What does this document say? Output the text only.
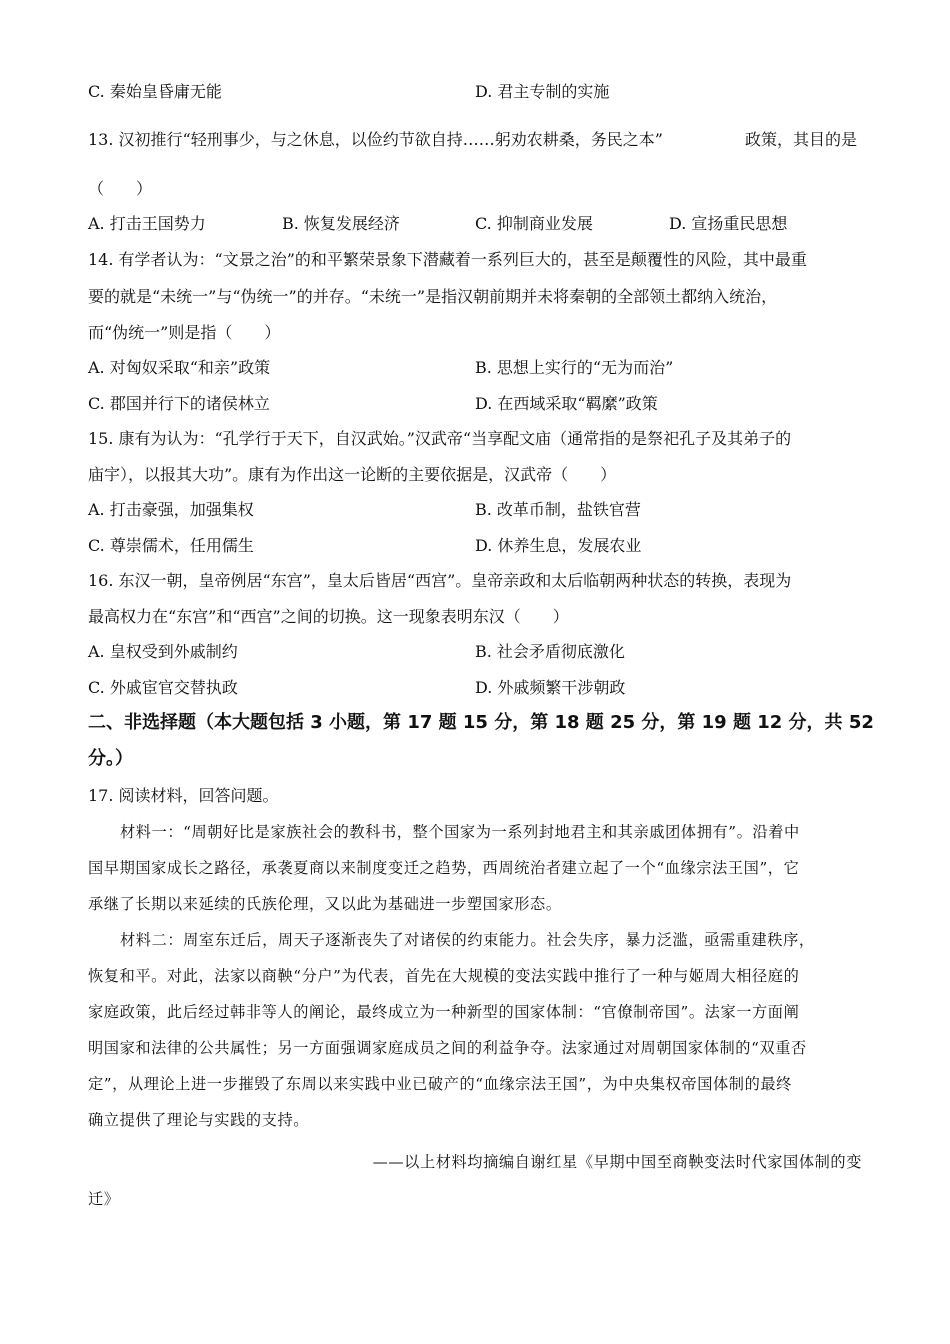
C. 秦始皇昏庸无能	D. 君主专制的实施
13. 汉初推行“轻刑事少，与之休息，以俭约节欲自持……躬劝农耕桑，务民之本”	政策，其目的是
（　　）
A. 打击王国势力	B. 恢复发展经济	C. 抑制商业发展	D. 宣扬重民思想
14. 有学者认为：“文景之治”的和平繁荣景象下潜藏着一系列巨大的，甚至是颠覆性的风险，其中最重
要的就是“未统一”与“伪统一”的并存。“未统一”是指汉朝前期并未将秦朝的全部领土都纳入统治，
而“伪统一”则是指（　　）
A. 对匈奴采取“和亲”政策	B. 思想上实行的“无为而治”
C. 郡国并行下的诸侯林立	D. 在西域采取“羁縻”政策
15. 康有为认为：“孔学行于天下，自汉武始。”汉武帝“当享配文庙（通常指的是祭祀孔子及其弟子的
庙宇），以报其大功”。康有为作出这一论断的主要依据是，汉武帝（　　）
A. 打击豪强，加强集权	B. 改革币制，盐铁官营
C. 尊崇儒术，任用儒生	D. 休养生息，发展农业
16. 东汉一朝，皇帝例居“东宫”，皇太后皆居“西宫”。皇帝亲政和太后临朝两种状态的转换，表现为
最高权力在“东宫”和“西宫”之间的切换。这一现象表明东汉（　　）
A. 皇权受到外戚制约	B. 社会矛盾彻底激化
C. 外戚宦官交替执政	D. 外戚频繁干涉朝政
二、非选择题（本大题包括 3 小题，第 17 题 15 分，第 18 题 25 分，第 19 题 12 分，共 52
分。）
17. 阅读材料，回答问题。
材料一：“周朝好比是家族社会的教科书，整个国家为一系列封地君主和其亲戚团体拥有”。沿着中
国早期国家成长之路径，承袭夏商以来制度变迁之趋势，西周统治者建立起了一个“血缘宗法王国”，它
承继了长期以来延续的氏族伦理，又以此为基础进一步塑国家形态。
材料二：周室东迁后，周天子逐渐丧失了对诸侯的约束能力。社会失序，暴力泛滥，亟需重建秩序，
恢复和平。对此，法家以商鞅“分户”为代表，首先在大规模的变法实践中推行了一种与姬周大相径庭的
家庭政策，此后经过韩非等人的阐论，最终成立为一种新型的国家体制：“官僚制帝国”。法家一方面阐
明国家和法律的公共属性；另一方面强调家庭成员之间的利益争夺。法家通过对周朝国家体制的“双重否
定”，从理论上进一步摧毁了东周以来实践中业已破产的“血缘宗法王国”，为中央集权帝国体制的最终
确立提供了理论与实践的支持。
——以上材料均摘编自谢红星《早期中国至商鞅变法时代家国体制的变
迁》
